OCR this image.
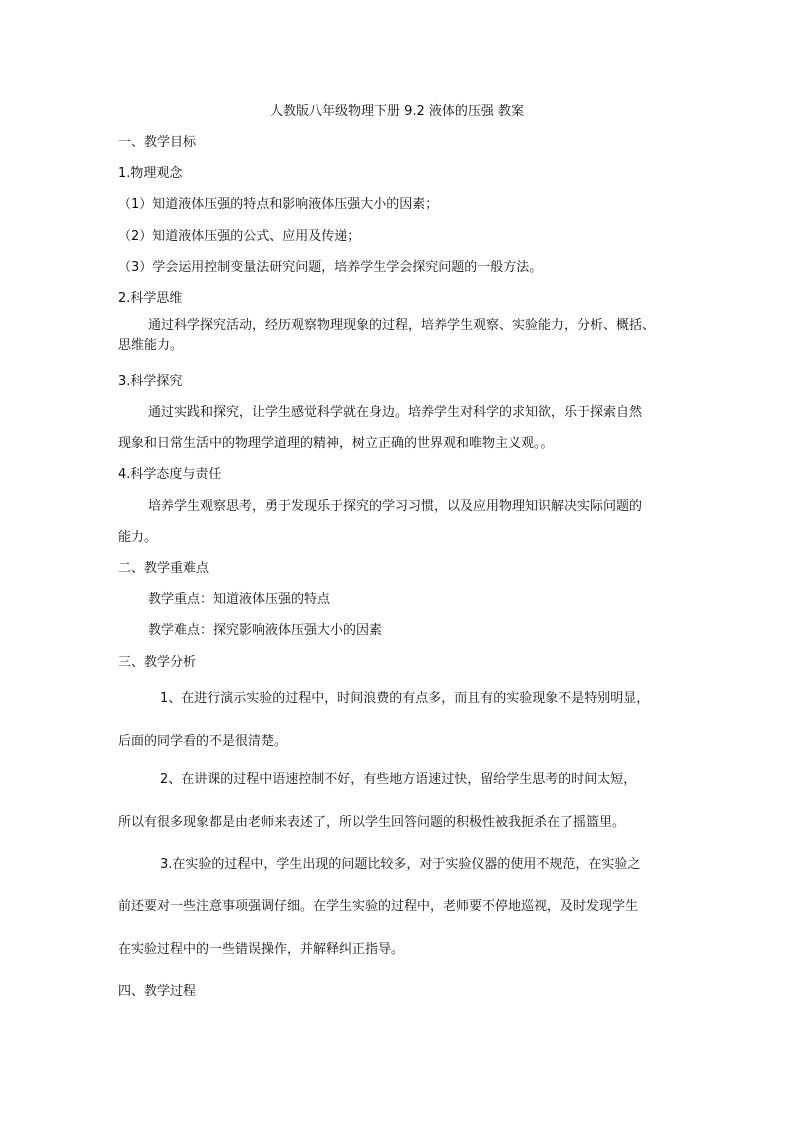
人教版八年级物理下册 9.2 液体的压强 教案
一、教学目标
1.物理观念
（1）知道液体压强的特点和影响液体压强大小的因素；
（2）知道液体压强的公式、应用及传递；
（3）学会运用控制变量法研究问题，培养学生学会探究问题的一般方法。
2.科学思维
通过科学探究活动，经历观察物理现象的过程，培养学生观察、实验能力，分析、概括、
思维能力。
3.科学探究
通过实践和探究，让学生感觉科学就在身边。培养学生对科学的求知欲，乐于探索自然
现象和日常生活中的物理学道理的精神，树立正确的世界观和唯物主义观。。
4.科学态度与责任
培养学生观察思考，勇于发现乐于探究的学习习惯，以及应用物理知识解决实际问题的
能力。
二、教学重难点
教学重点：知道液体压强的特点
教学难点：探究影响液体压强大小的因素
三、教学分析
1、在进行演示实验的过程中，时间浪费的有点多，而且有的实验现象不是特别明显，
后面的同学看的不是很清楚。
2、在讲课的过程中语速控制不好，有些地方语速过快，留给学生思考的时间太短，
所以有很多现象都是由老师来表述了，所以学生回答问题的积极性被我扼杀在了摇篮里。
3.在实验的过程中，学生出现的问题比较多，对于实验仪器的使用不规范，在实验之
前还要对一些注意事项强调仔细。在学生实验的过程中，老师要不停地巡视，及时发现学生
在实验过程中的一些错误操作，并解释纠正指导。
四、教学过程
